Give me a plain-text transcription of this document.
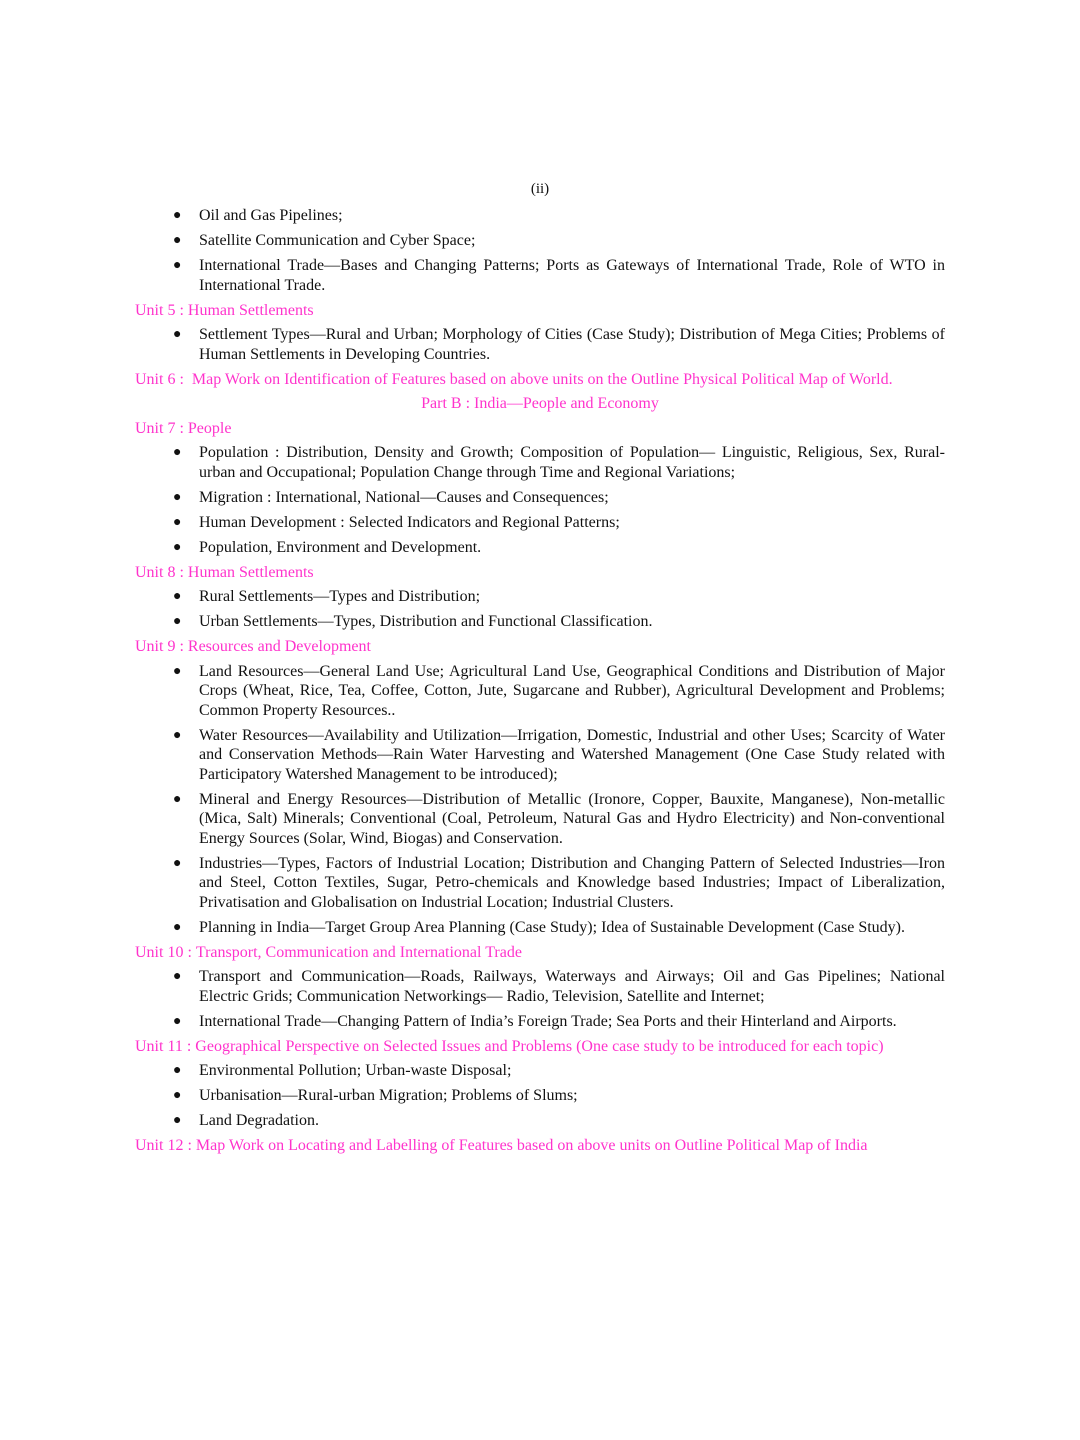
(ii)
● Oil and Gas Pipelines;
● Satellite Communication and Cyber Space;
● International Trade—Bases and Changing Patterns; Ports as Gateways of International Trade, Role of WTO in International Trade.
Unit 5 : Human Settlements
● Settlement Types—Rural and Urban; Morphology of Cities (Case Study); Distribution of Mega Cities; Problems of Human Settlements in Developing Countries.
Unit 6 : Map Work on Identification of Features based on above units on the Outline Physical Political Map of World.
Part B : India—People and Economy
Unit 7 : People
● Population : Distribution, Density and Growth; Composition of Population— Linguistic, Religious, Sex, Rural-urban and Occupational; Population Change through Time and Regional Variations;
● Migration : International, National—Causes and Consequences;
● Human Development : Selected Indicators and Regional Patterns;
● Population, Environment and Development.
Unit 8 : Human Settlements
● Rural Settlements—Types and Distribution;
● Urban Settlements—Types, Distribution and Functional Classification.
Unit 9 : Resources and Development
● Land Resources—General Land Use; Agricultural Land Use, Geographical Conditions and Distribution of Major Crops (Wheat, Rice, Tea, Coffee, Cotton, Jute, Sugarcane and Rubber), Agricultural Development and Problems; Common Property Resources..
● Water Resources—Availability and Utilization—Irrigation, Domestic, Industrial and other Uses; Scarcity of Water and Conservation Methods—Rain Water Harvesting and Watershed Management (One Case Study related with Participatory Watershed Management to be introduced);
● Mineral and Energy Resources—Distribution of Metallic (Ironore, Copper, Bauxite, Manganese), Non-metallic (Mica, Salt) Minerals; Conventional (Coal, Petroleum, Natural Gas and Hydro Electricity) and Non-conventional Energy Sources (Solar, Wind, Biogas) and Conservation.
● Industries—Types, Factors of Industrial Location; Distribution and Changing Pattern of Selected Industries—Iron and Steel, Cotton Textiles, Sugar, Petro-chemicals and Knowledge based Industries; Impact of Liberalization, Privatisation and Globalisation on Industrial Location; Industrial Clusters.
● Planning in India—Target Group Area Planning (Case Study); Idea of Sustainable Development (Case Study).
Unit 10 : Transport, Communication and International Trade
● Transport and Communication—Roads, Railways, Waterways and Airways; Oil and Gas Pipelines; National Electric Grids; Communication Networkings— Radio, Television, Satellite and Internet;
● International Trade—Changing Pattern of India’s Foreign Trade; Sea Ports and their Hinterland and Airports.
Unit 11 : Geographical Perspective on Selected Issues and Problems (One case study to be introduced for each topic)
● Environmental Pollution; Urban-waste Disposal;
● Urbanisation—Rural-urban Migration; Problems of Slums;
● Land Degradation.
Unit 12 : Map Work on Locating and Labelling of Features based on above units on Outline Political Map of India
